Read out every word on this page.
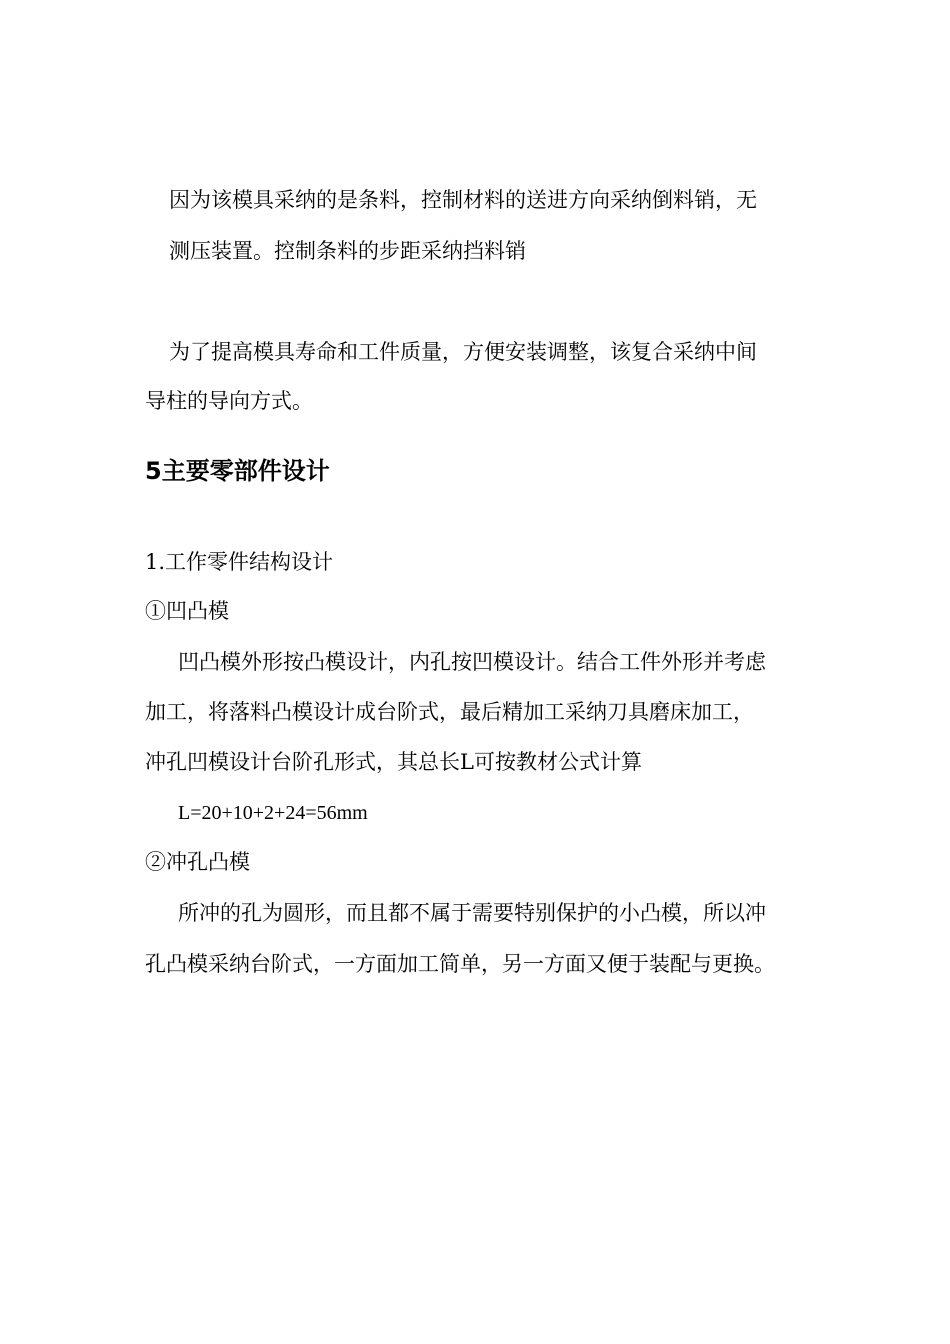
因为该模具采纳的是条料，控制材料的送进方向采纳倒料销，无
测压装置。控制条料的步距采纳挡料销
为了提高模具寿命和工件质量，方便安装调整，该复合采纳中间
导柱的导向方式。
5主要零部件设计
1.工作零件结构设计
①凹凸模
凹凸模外形按凸模设计，内孔按凹模设计。结合工件外形并考虑
加工，将落料凸模设计成台阶式，最后精加工采纳刀具磨床加工，
冲孔凹模设计台阶孔形式，其总长L可按教材公式计算
L=20+10+2+24=56mm
②冲孔凸模
所冲的孔为圆形，而且都不属于需要特别保护的小凸模，所以冲
孔凸模采纳台阶式，一方面加工简单，另一方面又便于装配与更换。
